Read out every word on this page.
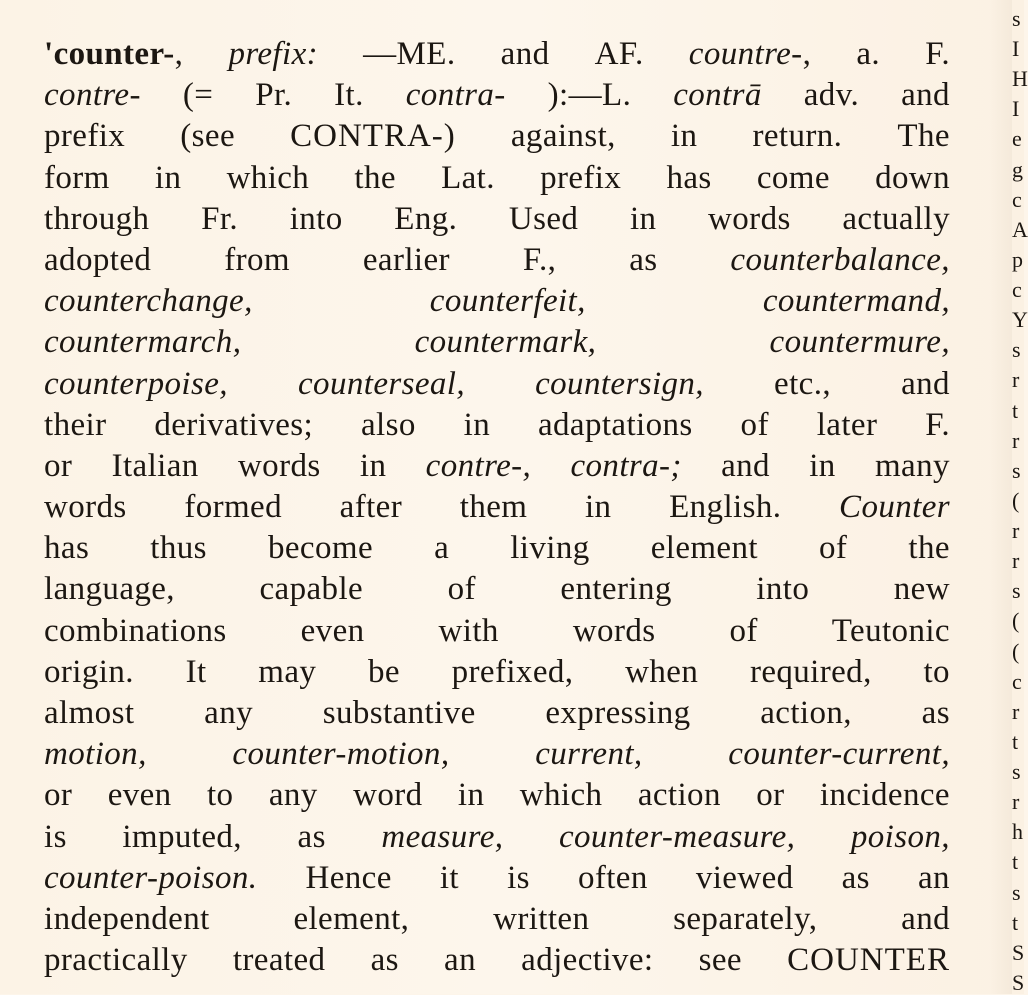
'counter-, prefix: —ME. and AF. countre-, a. F.
contre- (= Pr. It. contra- ):—L. contrā adv. and
prefix (see CONTRA-) against, in return. The
form in which the Lat. prefix has come down
through Fr. into Eng. Used in words actually
adopted from earlier F., as counterbalance,
counterchange,	counterfeit,	countermand,
countermarch,	countermark,	countermure,
counterpoise, counterseal, countersign, etc., and
their derivatives; also in adaptations of later F.
or Italian words in contre-, contra-; and in many
words formed after them in English. Counter
has thus become a living element of the
language,	capable	of	entering	into	new
combinations even with words of Teutonic
origin. It may be prefixed, when required, to
almost any substantive expressing action, as
motion,	counter-motion,	current,	counter-current,
or even to any word in which action or incidence
is imputed, as measure, counter-measure, poison,
counter-poison. Hence it is often viewed as an
independent	element,	written	separately,	and
practically treated as an adjective: see COUNTER
s
I
H
I
e
g
c
A
p
c
Y
s
r
t
r
s
(
r
r
s
(
(
c
r
t
s
r
h
t
s
t
S
S
